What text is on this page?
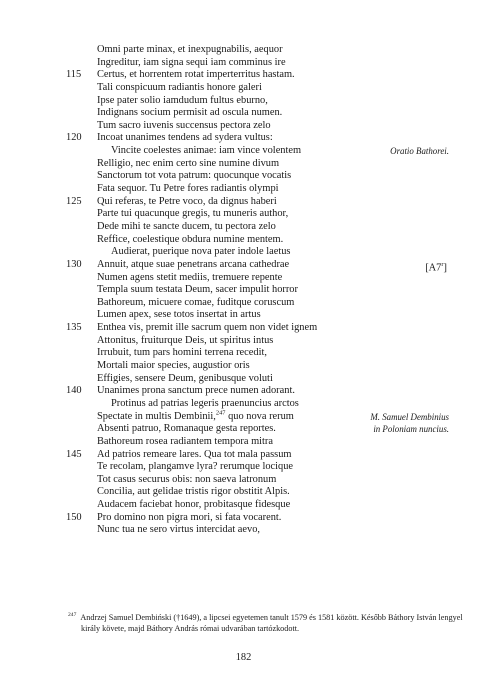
Omni parte minax, et inexpugnabilis, aequor
Ingreditur, iam signa sequi iam comminus ire
115 Certus, et horrentem rotat imperterritus hastam.
Tali conspicuum radiantis honore galeri
Ipse pater solio iamdudum fultus eburno,
Indignans socium permisit ad oscula numen.
Tum sacro iuvenis succensus pectora zelo
120 Incoat unanimes tendens ad sydera vultus:
Vincite coelestes animae: iam vince volentem	Oratio Bathorei.
Relligio, nec enim certo sine numine divum
Sanctorum tot vota patrum: quocunque vocatis
Fata sequor. Tu Petre fores radiantis olympi
125 Qui referas, te Petre voco, da dignus haberi
Parte tui quacunque gregis, tu muneris author,
Dede mihi te sancte ducem, tu pectora zelo
Reffice, coelestique obdura numine mentem.
Audierat, puerique nova pater indole laetus
130 Annuit, atque suae penetrans arcana cathedrae	[A7$^r$]
Numen agens stetit mediis, tremuere repente
Templa suum testata Deum, sacer impulit horror
Bathoreum, micuere comae, fuditque coruscum
Lumen apex, sese totos insertat in artus
135 Enthea vis, premit ille sacrum quem non videt ignem
Attonitus, fruiturque Deis, ut spiritus intus
Irrubuit, tum pars homini terrena recedit,
Mortali maior species, augustior oris
Effigies, sensere Deum, genibusque voluti
140 Unanimes prona sanctum prece numen adorant.
Protinus ad patrias legeris praenuncius arctos
Spectate in multis Dembinii,$^{247}$ quo nova rerum	M. Samuel Dembinius
Absenti patruo, Romanaque gesta reportes.	in Poloniam nuncius.
Bathoreum rosea radiantem tempora mitra
145 Ad patrios remeare lares. Qua tot mala passum
Te recolam, plangamve lyra? rerumque locique
Tot casus securus obis: non saeva latronum
Concilia, aut gelidae tristis rigor obstitit Alpis.
Audacem faciebat honor, probitasque fidesque
150 Pro domino non pigra mori, si fata vocarent.
Nunc tua ne sero virtus intercidat aevo,
$^{247}$ Andrzej Samuel Dembiński (†1649), a lipcsei egyetemen tanult 1579 és 1581 között. Később Báthory István lengyel király követe, majd Báthory András római udvarában tartózkodott.
182
